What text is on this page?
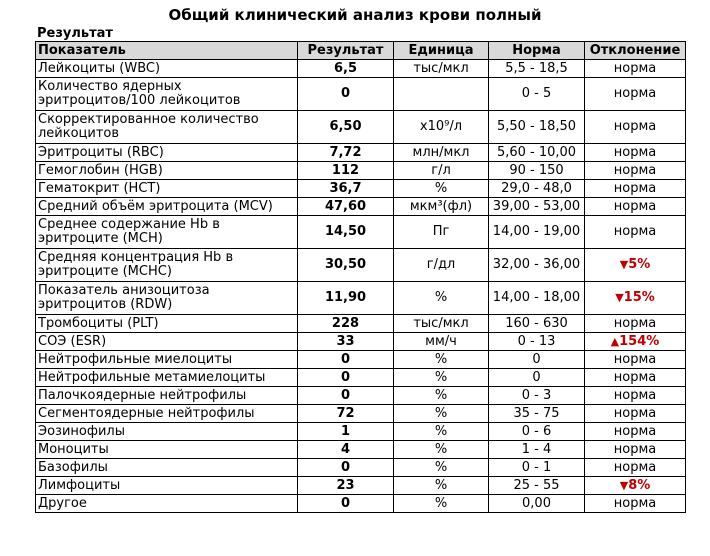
Общий клинический анализ крови полный
Результат
Показатель	Результат	Единица	Норма	Отклонение
Лейкоциты (WBC)	6,5	тыс/мкл	5,5 - 18,5	норма
Количество ядерных эритроцитов/100 лейкоцитов	0		0 - 5	норма
Скорректированное количество лейкоцитов	6,50	x10⁹/л	5,50 - 18,50	норма
Эритроциты (RBC)	7,72	млн/мкл	5,60 - 10,00	норма
Гемоглобин (HGB)	112	г/л	90 - 150	норма
Гематокрит (HCT)	36,7	%	29,0 - 48,0	норма
Средний объём эритроцита (MCV)	47,60	мкм³(фл)	39,00 - 53,00	норма
Среднее содержание Hb в эритроците (MCH)	14,50	Пг	14,00 - 19,00	норма
Средняя концентрация Hb в эритроците (MCHC)	30,50	г/дл	32,00 - 36,00	▼5%
Показатель анизоцитоза эритроцитов (RDW)	11,90	%	14,00 - 18,00	▼15%
Тромбоциты (PLT)	228	тыс/мкл	160 - 630	норма
СОЭ (ESR)	33	мм/ч	0 - 13	▲154%
Нейтрофильные миелоциты	0	%	0	норма
Нейтрофильные метамиелоциты	0	%	0	норма
Палочкоядерные нейтрофилы	0	%	0 - 3	норма
Сегментоядерные нейтрофилы	72	%	35 - 75	норма
Эозинофилы	1	%	0 - 6	норма
Моноциты	4	%	1 - 4	норма
Базофилы	0	%	0 - 1	норма
Лимфоциты	23	%	25 - 55	▼8%
Другое	0	%	0,00	норма
